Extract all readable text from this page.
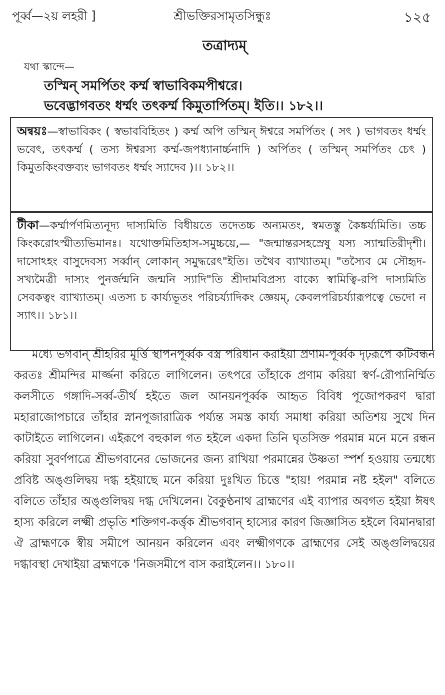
পূৰ্ব্ব—২য় লহরী ]	শ্রীভক্তিরসামৃতসিন্ধুঃ	১২৫
তত্রাদ্যম্‌
যথা স্কান্দে—
তস্মিন্‌ সমর্পিতং কর্ম্ম স্বাভাবিকমপীশ্বরে।
ভবেদ্ভাগবতং ধর্ম্মং তৎকর্ম্ম কিমুতার্পিতম্‌। ইতি।। ১৮২।।
অন্বয়ঃ—স্বাভাবিকং ( স্বভাববিহিতং ) কর্ম্ম অপি তস্মিন্‌ ঈশ্বরে সমর্পিতং ( সৎ ) ভাগবতং ধর্ম্মং ভবেৎ, তৎকর্ম্ম ( তস্য ঈশ্বরস্য কর্ম্ম-জপধ্যানার্চ্চনাদি ) অর্পিতং ( তস্মিন্‌ সমর্পিতং চেৎ ) কিমুতকিংবক্তব্যং ভাগবতং ধর্ম্মং স্যাদেব )।। ১৮২।।
টীকা—কর্ম্মার্পণমিত্যনূদ্য দাস্যমিতি বিধীয়তে তদেতচ্চ অন্যমতং, স্বমতস্তু কৈঙ্কর্য্যমিতি। তচ্চ কিংকরোঽস্মীত্যভিমানঃ। যথোক্তমিতিহাস-সমুচ্চয়ে,— "জন্মান্তরসহস্রেষু যস্য স্যান্মতিরীদৃশী। দাসোঽহং বাসুদেবস্য সর্ব্বান্‌ লোকান্‌ সমুদ্ধরেৎ"ইতি। তথৈব ব্যাখ্যাতম্‌। "তস্যৈব মে সৌহৃদ-সখ্যমৈত্রী দাস্যং পুনর্জন্মনি জন্মনি স্যাদি"তি শ্রীদামবিপ্রস্য বাক্যে স্বামিত্বি-রপি দাস্যমিতি সেবকত্বং ব্যাখ্যাতম্‌। এতস্য চ কার্য্যভূতং পরিচর্য্যাদিকং জ্ঞেয়ম্‌, কেবলপরিচর্য্যারূপত্বে ভেদো ন স্যাৎ।। ১৮১।।

মধ্যে ভগবান্‌ শ্রীহরির মূর্ত্তি স্থাপনপূর্ব্বক বস্ত্র পরিধান করাইয়া প্রণাম-পূর্ব্বক দৃঢ়রূপে কটিবন্ধন করতঃ শ্রীমন্দির মার্জ্জনা করিতে লাগিলেন। তৎপরে তাঁহাকে প্রণাম করিয়া স্বর্ণ-রৌপ্যনির্ম্মিত কলসীতে গঙ্গাদি-সর্ব্ব-তীর্থ হইতে জল আনয়নপূর্ব্বক আহৃত বিবিধ পূজোপকরণ দ্বারা মহারাজোপচারে তাঁহার স্নানপূজারাত্রিক পর্য্যন্ত সমস্ত কার্য্য সমাধা করিয়া অতিশয় সুখে দিন কাটাইতে লাগিলেন। এইরূপে বহুকাল গত হইলে একদা তিনি ঘৃতসিক্ত পরমান্ন মনে মনে রন্ধন করিয়া সুবর্ণপাত্রে শ্রীভগবানের ভোজনের জন্য রাখিয়া পরমান্নের উষ্ণতা স্পর্শ হওয়ায় তন্মধ্যে প্রবিষ্ট অঙ্গুলিদ্বয় দগ্ধ হইয়াছে মনে করিয়া দুঃখিত চিত্তে "হায়! পরমান্ন নষ্ট হইল" বলিতে বলিতে তাঁহার অঙ্গুলিদ্বয় দগ্ধ দেখিলেন। বৈকুণ্ঠনাথ ব্রাহ্মণের এই ব্যাপার অবগত হইয়া ঈষৎ হাস্য করিলে লক্ষ্মী প্রভৃতি শক্তিগণ-কর্ত্তৃক শ্রীভগবান্‌ হাস্যের কারণ জিজ্ঞাসিত হইলে বিমানদ্বারা ঐ ব্রাহ্মণকে স্বীয় সমীপে আনয়ন করিলেন এবং লক্ষ্মীগণকে ব্রাহ্মণের সেই অঙ্গুলিদ্বয়ের দগ্ধাবস্থা দেখাইয়া ব্রহ্মণকে 'নিজসমীপে বাস করাইলেন।। ১৮০।।
